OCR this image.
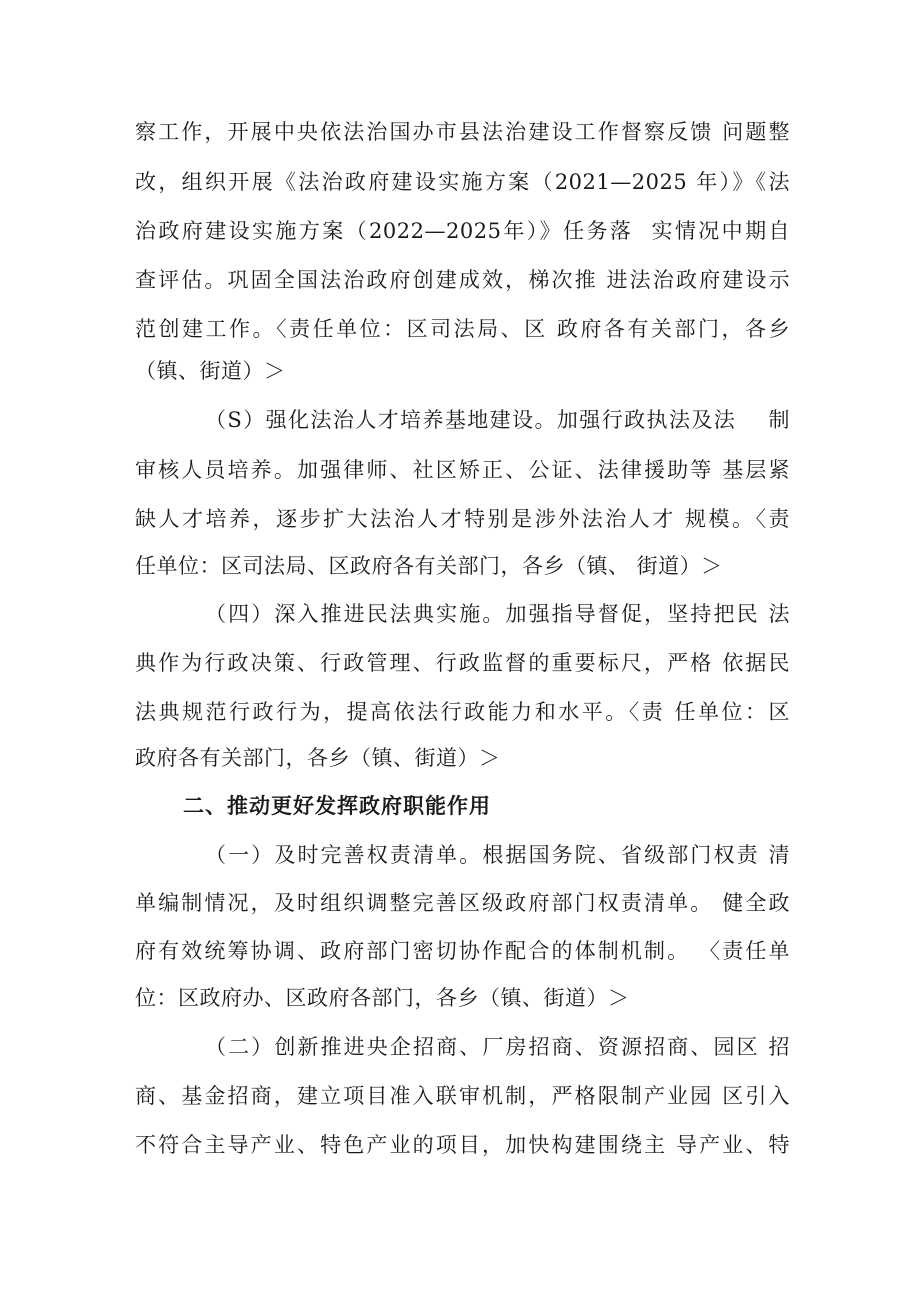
察工作，开展中央依法治国办市县法治建设工作督察反馈 问题整
改，组织开展《法治政府建设实施方案（2021—2025 年）》《法
治政府建设实施方案（2022—2025年）》任务落  实情况中期自
查评估。巩固全国法治政府创建成效，梯次推 进法治政府建设示
范创建工作。〈责任单位：区司法局、区 政府各有关部门，各乡
（镇、街道）＞
（S）强化法治人才培养基地建设。加强行政执法及法    制
审核人员培养。加强律师、社区矫正、公证、法律援助等 基层紧
缺人才培养，逐步扩大法治人才特别是涉外法治人才 规模。〈责
任单位：区司法局、区政府各有关部门，各乡（镇、 街道）＞
（四）深入推进民法典实施。加强指导督促，坚持把民 法
典作为行政决策、行政管理、行政监督的重要标尺，严格 依据民
法典规范行政行为，提高依法行政能力和水平。〈责 任单位：区
政府各有关部门，各乡（镇、街道）＞
二、推动更好发挥政府职能作用
（一）及时完善权责清单。根据国务院、省级部门权责 清
单编制情况，及时组织调整完善区级政府部门权责清单。 健全政
府有效统筹协调、政府部门密切协作配合的体制机制。 〈责任单
位：区政府办、区政府各部门，各乡（镇、街道）＞
（二）创新推进央企招商、厂房招商、资源招商、园区 招
商、基金招商，建立项目准入联审机制，严格限制产业园 区引入
不符合主导产业、特色产业的项目，加快构建围绕主 导产业、特
